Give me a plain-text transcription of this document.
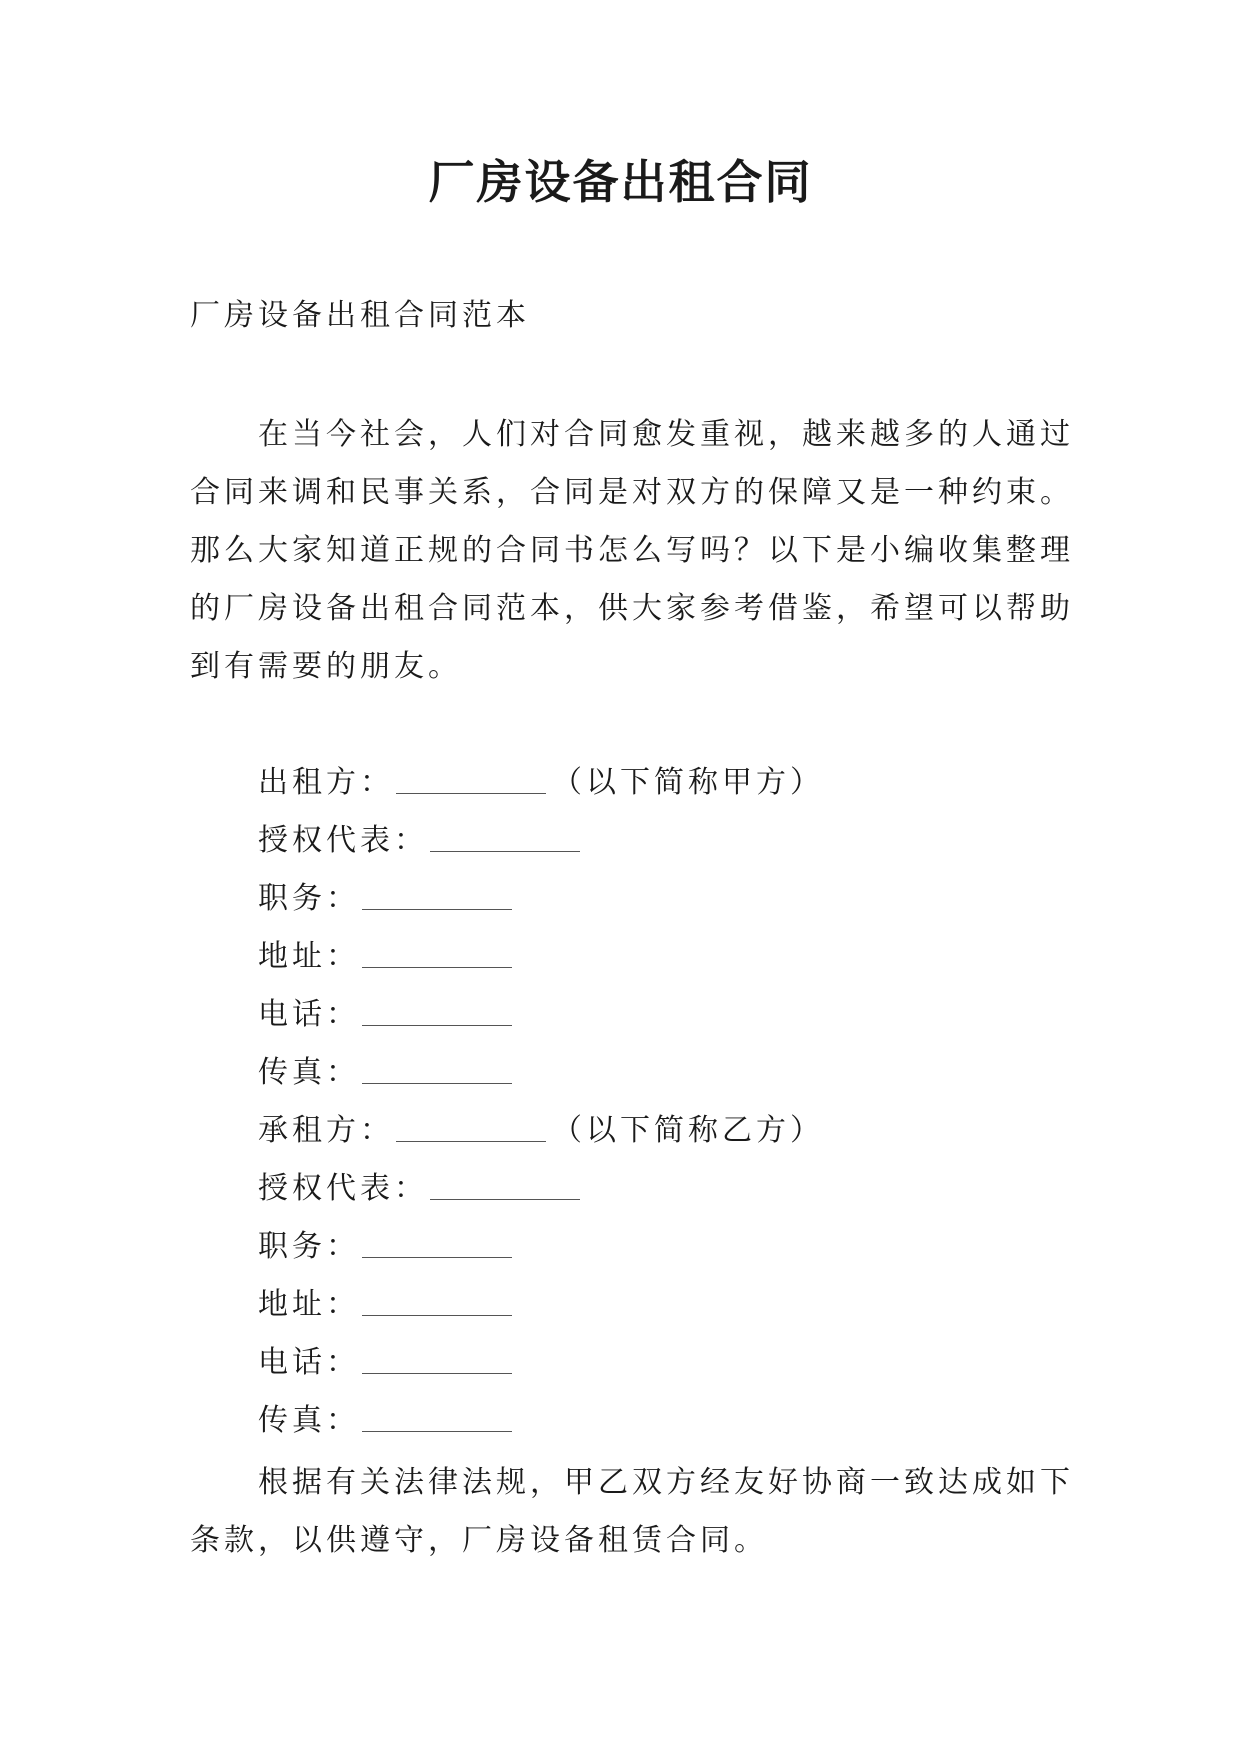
厂房设备出租合同

厂房设备出租合同范本

在当今社会，人们对合同愈发重视，越来越多的人通过合同来调和民事关系，合同是对双方的保障又是一种约束。那么大家知道正规的合同书怎么写吗？以下是小编收集整理的厂房设备出租合同范本，供大家参考借鉴，希望可以帮助到有需要的朋友。

出租方：	（以下简称甲方）
授权代表：
职务：
地址：
电话：
传真：
承租方：	（以下简称乙方）
授权代表：
职务：
地址：
电话：
传真：

根据有关法律法规，甲乙双方经友好协商一致达成如下条款，以供遵守，厂房设备租赁合同。
